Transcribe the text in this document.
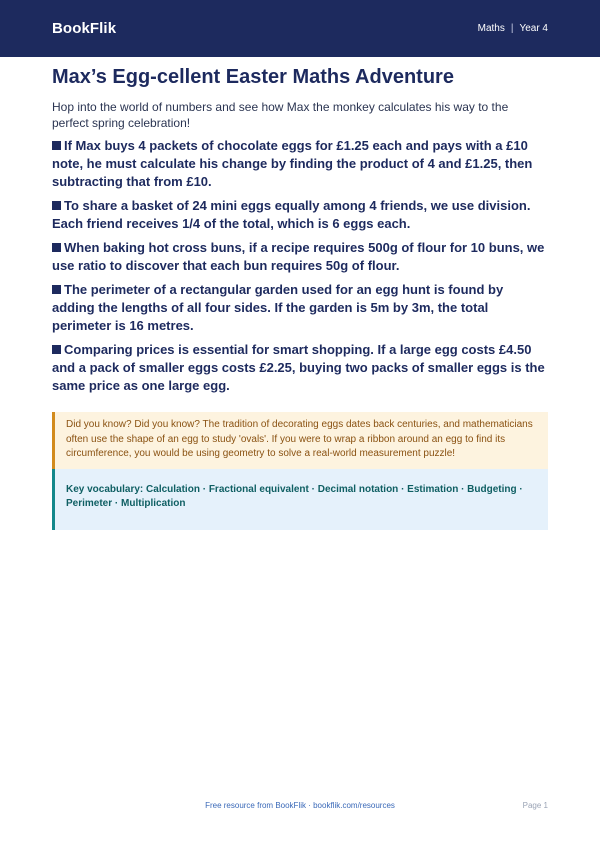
BookFlik	Maths | Year 4
Max’s Egg-cellent Easter Maths Adventure

Hop into the world of numbers and see how Max the monkey calculates his way to the perfect spring celebration!

If Max buys 4 packets of chocolate eggs for £1.25 each and pays with a £10 note, he must calculate his change by finding the product of 4 and £1.25, then subtracting that from £10.

To share a basket of 24 mini eggs equally among 4 friends, we use division. Each friend receives 1/4 of the total, which is 6 eggs each.

When baking hot cross buns, if a recipe requires 500g of flour for 10 buns, we use ratio to discover that each bun requires 50g of flour.

The perimeter of a rectangular garden used for an egg hunt is found by adding the lengths of all four sides. If the garden is 5m by 3m, the total perimeter is 16 metres.

Comparing prices is essential for smart shopping. If a large egg costs £4.50 and a pack of smaller eggs costs £2.25, buying two packs of smaller eggs is the same price as one large egg.

Did you know? Did you know? The tradition of decorating eggs dates back centuries, and mathematicians often use the shape of an egg to study 'ovals'. If you were to wrap a ribbon around an egg to find its circumference, you would be using geometry to solve a real-world measurement puzzle!
Key vocabulary: Calculation · Fractional equivalent · Decimal notation · Estimation · Budgeting · Perimeter · Multiplication
Free resource from BookFlik · bookflik.com/resources	Page 1
